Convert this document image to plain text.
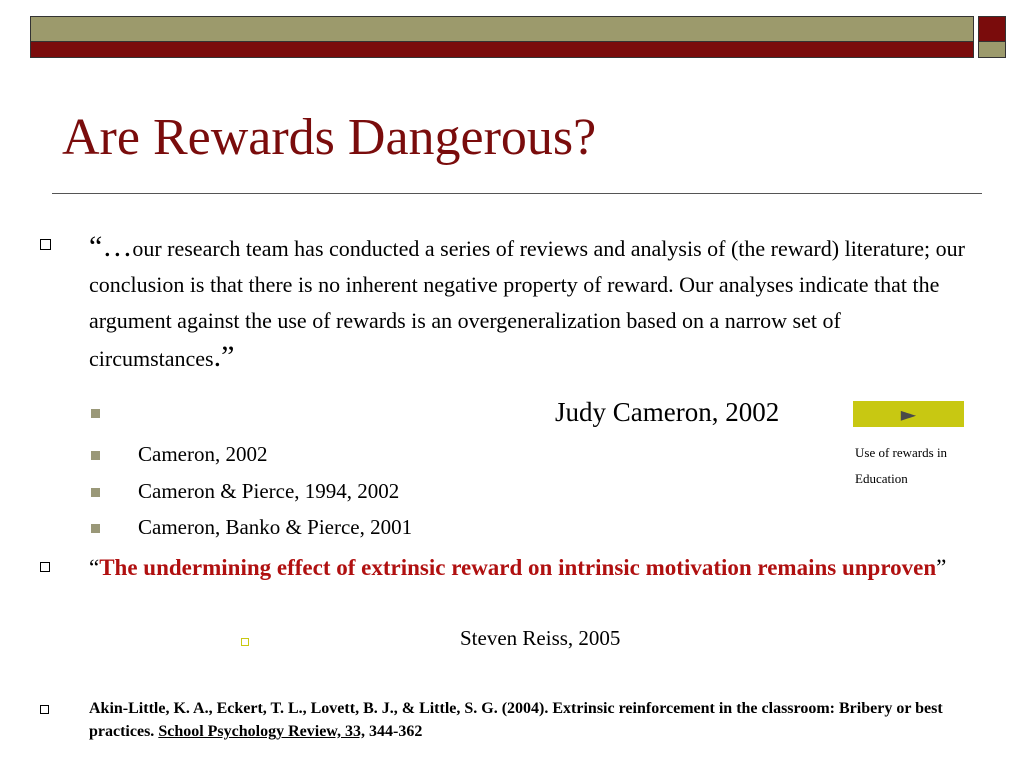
Are Rewards Dangerous?
“…our research team has conducted a series of reviews and analysis of (the reward) literature; our conclusion is that there is no inherent negative property of reward. Our analyses indicate that the argument against the use of rewards is an overgeneralization based on a narrow set of circumstances.”
Judy Cameron, 2002	►
Use of rewards in Education
Cameron, 2002
Cameron & Pierce, 1994, 2002
Cameron, Banko & Pierce, 2001
“The undermining effect of extrinsic reward on intrinsic motivation remains unproven”
Steven Reiss, 2005
Akin-Little, K. A., Eckert, T. L., Lovett, B. J., & Little, S. G. (2004). Extrinsic reinforcement in the classroom: Bribery or best practices. School Psychology Review, 33, 344-362
